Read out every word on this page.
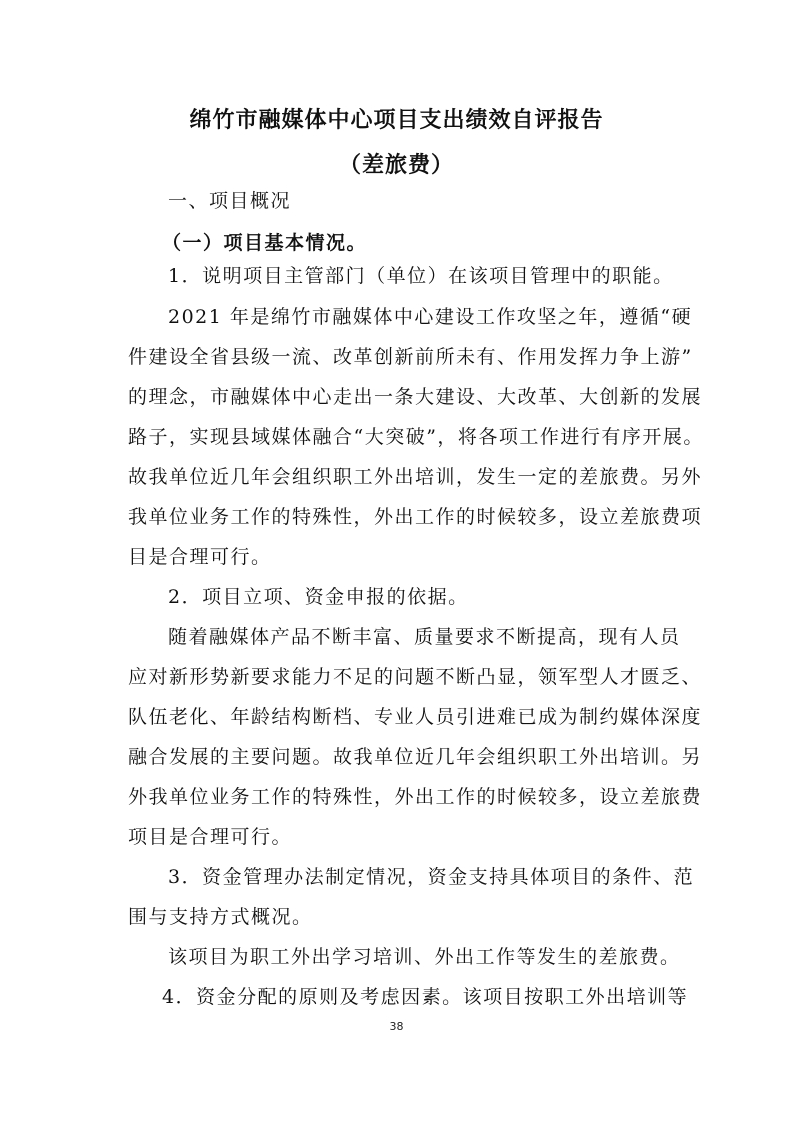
绵竹市融媒体中心项目支出绩效自评报告
（差旅费）
一、项目概况
（一）项目基本情况。
1．说明项目主管部门（单位）在该项目管理中的职能。
2021 年是绵竹市融媒体中心建设工作攻坚之年，遵循“硬
件建设全省县级一流、改革创新前所未有、作用发挥力争上游”
的理念，市融媒体中心走出一条大建设、大改革、大创新的发展
路子，实现县域媒体融合“大突破”，将各项工作进行有序开展。
故我单位近几年会组织职工外出培训，发生一定的差旅费。另外
我单位业务工作的特殊性，外出工作的时候较多，设立差旅费项
目是合理可行。
2．项目立项、资金申报的依据。
随着融媒体产品不断丰富、质量要求不断提高，现有人员
应对新形势新要求能力不足的问题不断凸显，领军型人才匮乏、
队伍老化、年龄结构断档、专业人员引进难已成为制约媒体深度
融合发展的主要问题。故我单位近几年会组织职工外出培训。另
外我单位业务工作的特殊性，外出工作的时候较多，设立差旅费
项目是合理可行。
3．资金管理办法制定情况，资金支持具体项目的条件、范
围与支持方式概况。
该项目为职工外出学习培训、外出工作等发生的差旅费。
4．资金分配的原则及考虑因素。该项目按职工外出培训等
38
